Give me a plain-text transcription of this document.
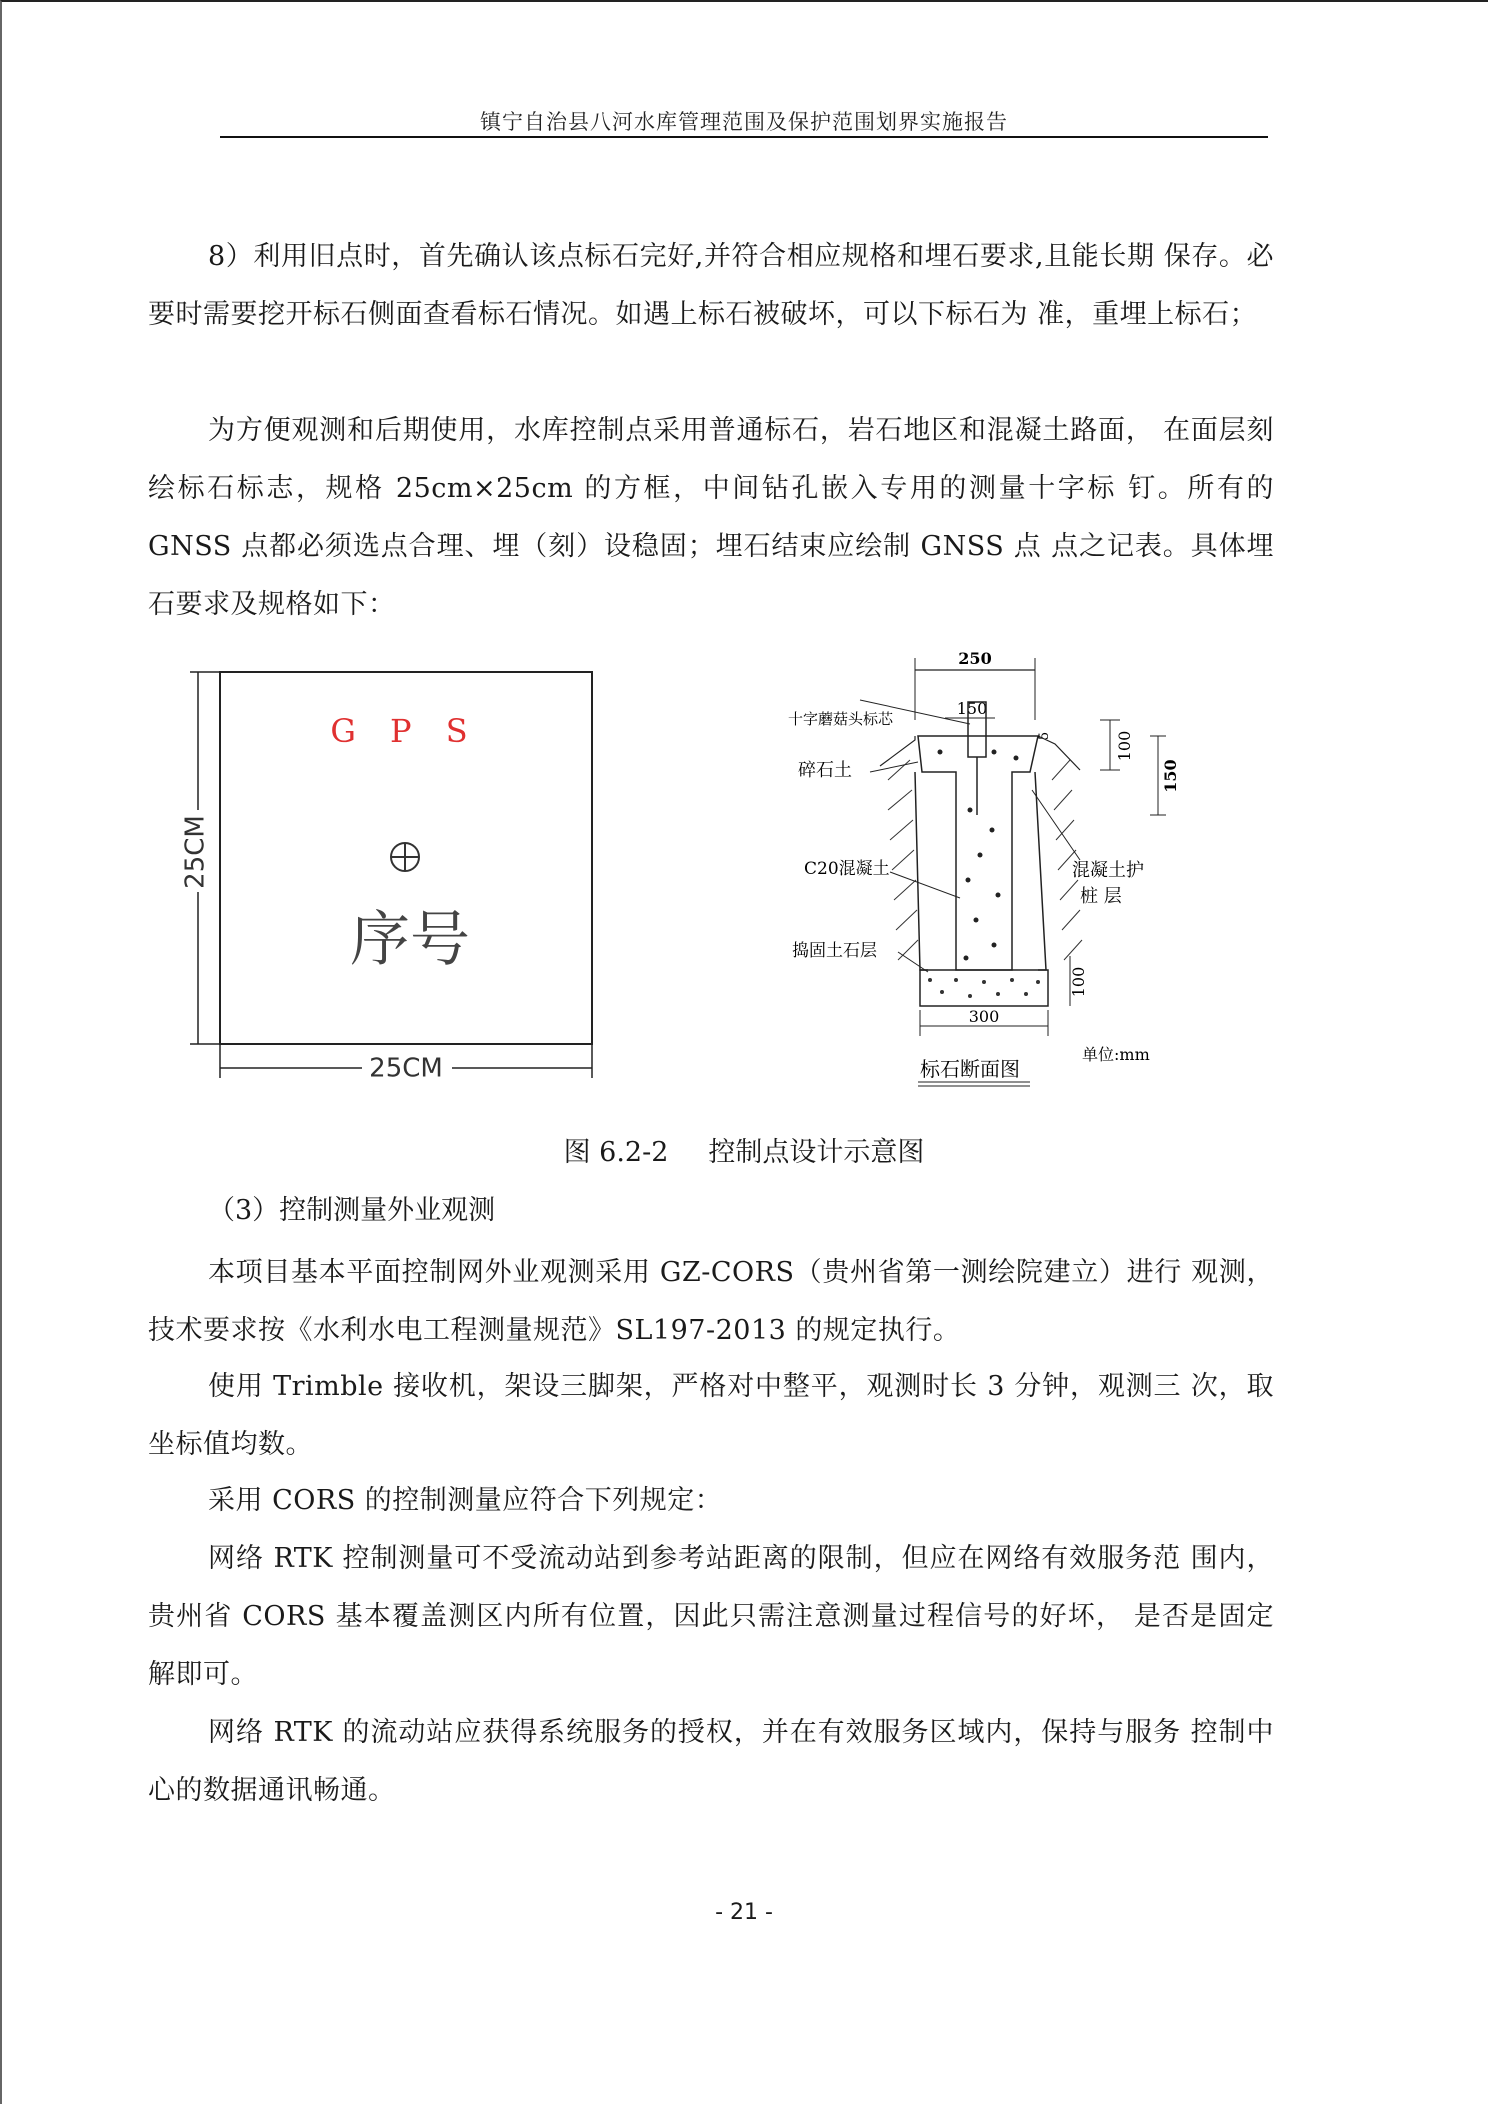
镇宁自治县八河水库管理范围及保护范围划界实施报告

8）利用旧点时，首先确认该点标石完好,并符合相应规格和埋石要求,且能长期 保存。必要时需要挖开标石侧面查看标石情况。如遇上标石被破坏，可以下标石为 准，重埋上标石；

为方便观测和后期使用，水库控制点采用普通标石，岩石地区和混凝土路面， 在面层刻绘标石标志，规格 25cm×25cm 的方框，中间钻孔嵌入专用的测量十字标 钉。所有的 GNSS 点都必须选点合理、埋（刻）设稳固；埋石结束应绘制 GNSS 点 点之记表。具体埋石要求及规格如下：

25CM
25CM
G P S
序号
250
150
300
100
150
5
100
十字蘑菇头标芯
碎石土
C20混凝土
捣固土石层
混凝土护
桩 层
单位:mm
标石断面图
图 6.2-2 控制点设计示意图
（3）控制测量外业观测

本项目基本平面控制网外业观测采用 GZ-CORS（贵州省第一测绘院建立）进行 观测，技术要求按《水利水电工程测量规范》SL197-2013 的规定执行。

使用 Trimble 接收机，架设三脚架，严格对中整平，观测时长 3 分钟，观测三 次，取坐标值均数。

采用 CORS 的控制测量应符合下列规定：

网络 RTK 控制测量可不受流动站到参考站距离的限制，但应在网络有效服务范 围内，贵州省 CORS 基本覆盖测区内所有位置，因此只需注意测量过程信号的好坏， 是否是固定解即可。

网络 RTK 的流动站应获得系统服务的授权，并在有效服务区域内，保持与服务 控制中心的数据通讯畅通。

- 21 -
